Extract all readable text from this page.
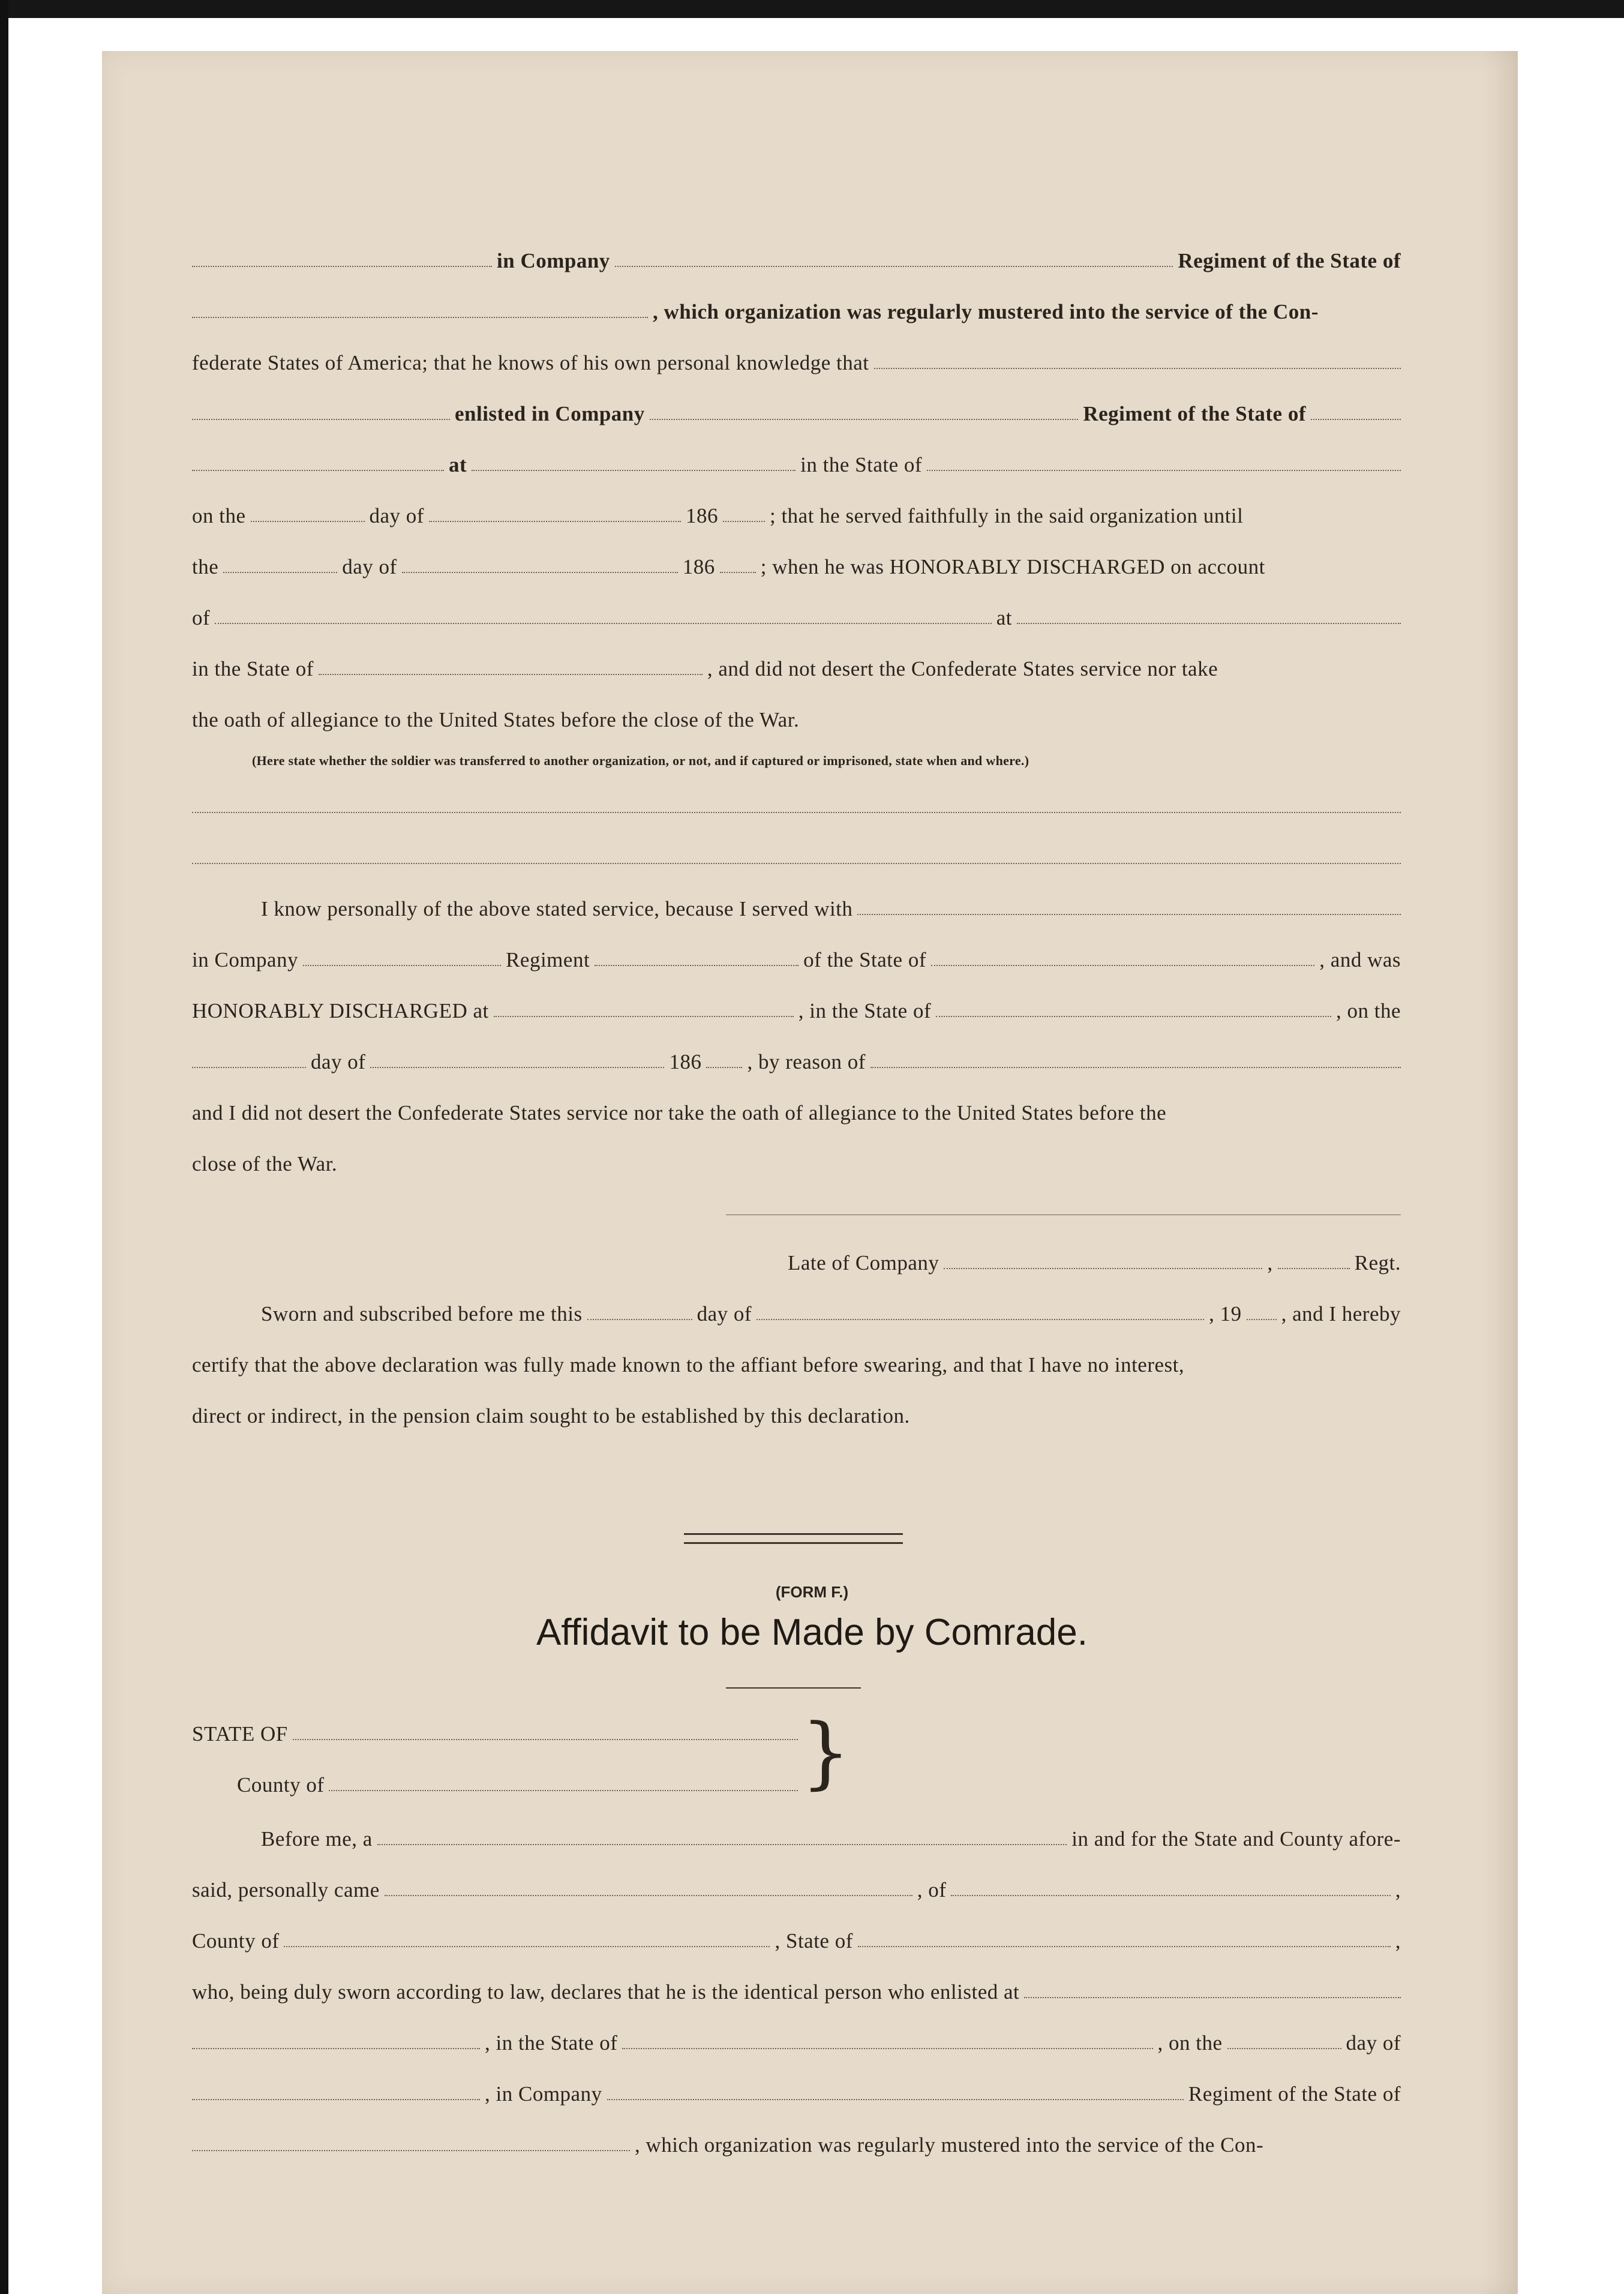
in Company	Regiment of the State of
, which organization was regularly mustered into the service of the Con-
federate States of America; that he knows of his own personal knowledge that
enlisted in Company	Regiment of the State of
at	in the State of
on the	day of	186 ; that he served faithfully in the said organization until
the	day of	186 ; when he was HONORABLY DISCHARGED on account
of	at
in the State of	, and did not desert the Confederate States service nor take
the oath of allegiance to the United States before the close of the War.
(Here state whether the soldier was transferred to another organization, or not, and if captured or imprisoned, state when and where.)
I know personally of the above stated service, because I served with
in Company	Regiment	of the State of	, and was
HONORABLY DISCHARGED at	, in the State of	, on the
day of	186 , by reason of
and I did not desert the Confederate States service nor take the oath of allegiance to the United States before the
close of the War.
Late of Company	,	Regt.
Sworn and subscribed before me this	day of	, 19 , and I hereby
certify that the above declaration was fully made known to the affiant before swearing, and that I have no interest,
direct or indirect, in the pension claim sought to be established by this declaration.
(FORM F.)
Affidavit to be Made by Comrade.
STATE OF
County of
Before me, a	in and for the State and County afore-
said, personally came	, of	,
County of	, State of	,
who, being duly sworn according to law, declares that he is the identical person who enlisted at
, in the State of	, on the	day of
, in Company	Regiment of the State of
, which organization was regularly mustered into the service of the Con-
}
